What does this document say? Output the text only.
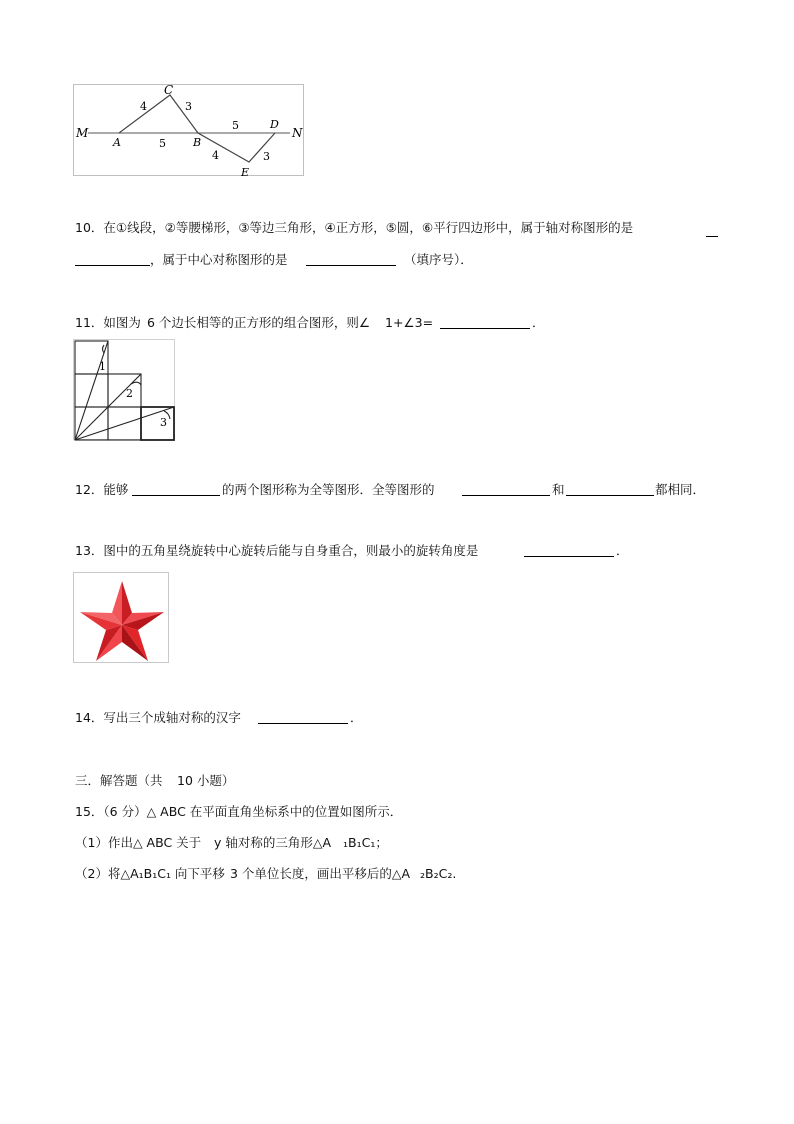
C
M
A	B
D
N
E
4	3
5
5
4	3
10．在①线段，②等腰梯形，③等边三角形，④正方形，⑤圆，⑥平行四边形中，属于轴对称图形的是
，属于中心对称图形的是	（填序号）．
11．如图为 6 个边长相等的正方形的组合图形，则∠ 1+∠3=	．
1
2
3
12．能够	的两个图形称为全等图形．全等图形的	和	都相同．
13．图中的五角星绕旋转中心旋转后能与自身重合，则最小的旋转角度是	．
14．写出三个成轴对称的汉字	．
三．解答题（共 10 小题）
15．（6 分）△ ABC 在平面直角坐标系中的位置如图所示．
（1）作出△ ABC 关于 y 轴对称的三角形△A ₁B₁C₁；
（2）将△A₁B₁C₁ 向下平移 3 个单位长度，画出平移后的△A ₂B₂C₂.
